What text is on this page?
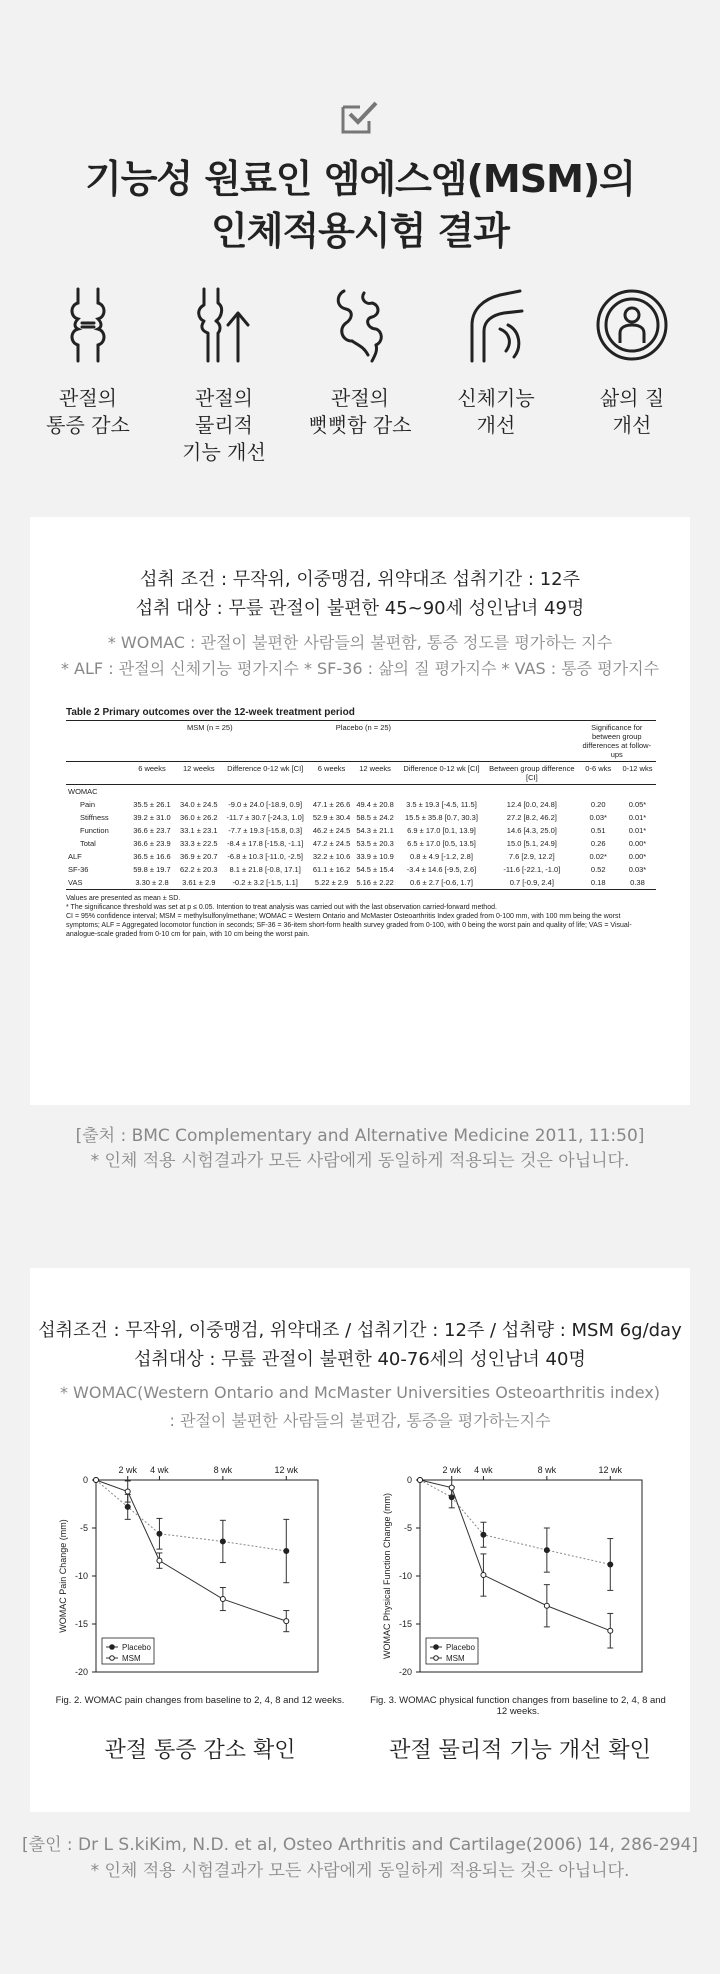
기능성 원료인 엠에스엠(MSM)의
인체적용시험 결과
관절의
통증 감소
관절의
물리적
기능 개선
관절의
뻣뻣함 감소
신체기능
개선
삶의 질
개선
섭취 조건 : 무작위, 이중맹검, 위약대조 섭취기간 : 12주
섭취 대상 : 무릎 관절이 불편한 45~90세 성인남녀 49명
* WOMAC : 관절이 불편한 사람들의 불편함, 통증 정도를 평가하는 지수
* ALF : 관절의 신체기능 평가지수 * SF-36 : 삶의 질 평가지수 * VAS : 통증 평가지수
Table 2 Primary outcomes over the 12-week treatment period
	MSM (n = 25)			Placebo (n = 25)				Significance for between group differences at follow-ups	
	6 weeks	12 weeks	Difference 0-12 wk [CI]	6 weeks	12 weeks	Difference 0-12 wk [CI]	Between group difference [CI]	0-6 wks	0-12 wks
WOMAC									
Pain	35.5 ± 26.1	34.0 ± 24.5	-9.0 ± 24.0 [-18.9, 0.9]	47.1 ± 26.6	49.4 ± 20.8	3.5 ± 19.3 [-4.5, 11.5]	12.4 [0.0, 24.8]	0.20	0.05*
Stiffness	39.2 ± 31.0	36.0 ± 26.2	-11.7 ± 30.7 [-24.3, 1.0]	52.9 ± 30.4	58.5 ± 24.2	15.5 ± 35.8 [0.7, 30.3]	27.2 [8.2, 46.2]	0.03*	0.01*
Function	36.6 ± 23.7	33.1 ± 23.1	-7.7 ± 19.3 [-15.8, 0.3]	46.2 ± 24.5	54.3 ± 21.1	6.9 ± 17.0 [0.1, 13.9]	14.6 [4.3, 25.0]	0.51	0.01*
Total	36.6 ± 23.9	33.3 ± 22.5	-8.4 ± 17.8 [-15.8, -1.1]	47.2 ± 24.5	53.5 ± 20.3	6.5 ± 17.0 [0.5, 13.5]	15.0 [5.1, 24.9]	0.26	0.00*
ALF	36.5 ± 16.6	36.9 ± 20.7	-6.8 ± 10.3 [-11.0, -2.5]	32.2 ± 10.6	33.9 ± 10.9	0.8 ± 4.9 [-1.2, 2.8]	7.6 [2.9, 12.2]	0.02*	0.00*
SF-36	59.8 ± 19.7	62.2 ± 20.3	8.1 ± 21.8 [-0.8, 17.1]	61.1 ± 16.2	54.5 ± 15.4	-3.4 ± 14.6 [-9.5, 2.6]	-11.6 [-22.1, -1.0]	0.52	0.03*
VAS	3.30 ± 2.8	3.61 ± 2.9	-0.2 ± 3.2 [-1.5, 1.1]	5.22 ± 2.9	5.16 ± 2.22	0.6 ± 2.7 [-0.6, 1.7]	0.7 [-0.9, 2.4]	0.18	0.38
Values are presented as mean ± SD.
* The significance threshold was set at p ≤ 0.05. Intention to treat analysis was carried out with the last observation carried-forward method.
CI = 95% confidence interval; MSM = methylsulfonylmethane; WOMAC = Western Ontario and McMaster Osteoarthritis Index graded from 0-100 mm, with 100 mm being the worst symptoms; ALF = Aggregated locomotor function in seconds; SF-36 = 36-item short-form health survey graded from 0-100, with 0 being the worst pain and quality of life; VAS = Visual-analogue-scale graded from 0-10 cm for pain, with 10 cm being the worst pain.
[출처 : BMC Complementary and Alternative Medicine 2011, 11:50]
* 인체 적용 시험결과가 모든 사람에게 동일하게 적용되는 것은 아닙니다.
섭취조건 : 무작위, 이중맹검, 위약대조 / 섭취기간 : 12주 / 섭취량 : MSM 6g/day
섭취대상 : 무릎 관절이 불편한 40-76세의 성인남녀 40명
* WOMAC(Western Ontario and McMaster Universities Osteoarthritis index)
: 관절이 불편한 사람들의 불편감, 통증을 평가하는지수
0
-5
-10
-15
-20
2 wk 4 wk	8 wk	12 wk
WOMAC Pain Change (mm)
Placebo
MSM
0
-5
-10
-15
-20
2 wk 4 wk	8 wk	12 wk
WOMAC Physical Function Change (mm)	Placebo
MSM
Fig. 2. WOMAC pain changes from baseline to 2, 4, 8 and 12 weeks.	Fig. 3. WOMAC physical function changes from baseline to 2, 4, 8 and 12 weeks.
관절 통증 감소 확인	관절 물리적 기능 개선 확인
[출인 : Dr L S.kiKim, N.D. et al, Osteo Arthritis and Cartilage(2006) 14, 286-294]
* 인체 적용 시험결과가 모든 사람에게 동일하게 적용되는 것은 아닙니다.
